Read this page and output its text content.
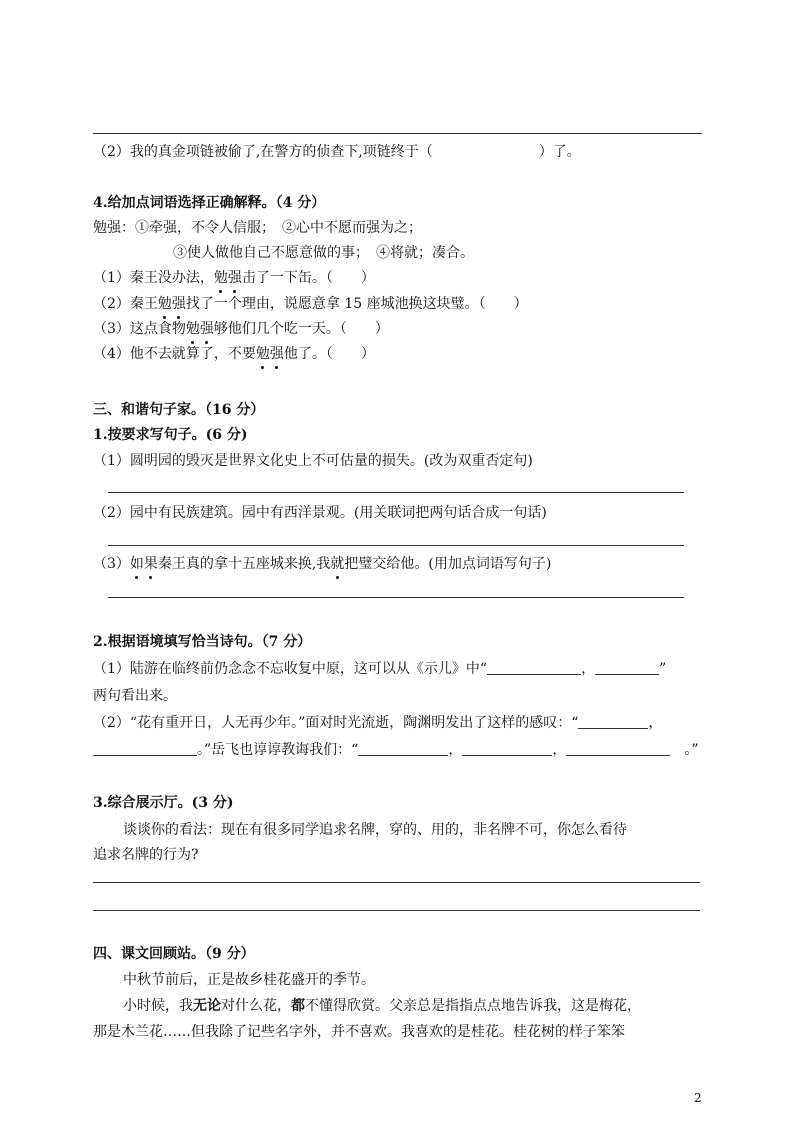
（2）我的真金项链被偷了,在警方的侦查下,项链终于（	）了。
4.给加点词语选择正确解释。（4 分）
勉强：①牵强，不令人信服；　②心中不愿而强为之；
③使人做他自己不愿意做的事；　④将就；凑合。
（1）秦王没办法，勉强击了一下缶。（　　）
（2）秦王勉强找了一个理由，说愿意拿 15 座城池换这块璧。（　　）
（3）这点食物勉强够他们几个吃一天。（　　）
（4）他不去就算了，不要勉强他了。（　　）
三、和谐句子家。（16 分）
1.按要求写句子。(6 分)
（1）圆明园的毁灭是世界文化史上不可估量的损失。(改为双重否定句)
（2）园中有民族建筑。园中有西洋景观。(用关联词把两句话合成一句话)
（3）如果秦王真的拿十五座城来换,我就把璧交给他。(用加点词语写句子)
2.根据语境填写恰当诗句。（7 分）
（1）陆游在临终前仍念念不忘收复中原，这可以从《示儿》中“	，	”
两句看出来。
（2）“花有重开日，人无再少年。”面对时光流逝，陶渊明发出了这样的感叹：“	，
。”岳飞也谆谆教诲我们：“	，	，	　。”
3.综合展示厅。(3 分)
谈谈你的看法：现在有很多同学追求名牌，穿的、用的，非名牌不可，你怎么看待
追求名牌的行为?
四、课文回顾站。（9 分）
中秋节前后，正是故乡桂花盛开的季节。
小时候，我无论对什么花，都不懂得欣赏。父亲总是指指点点地告诉我，这是梅花，
那是木兰花……但我除了记些名字外，并不喜欢。我喜欢的是桂花。桂花树的样子笨笨
2
